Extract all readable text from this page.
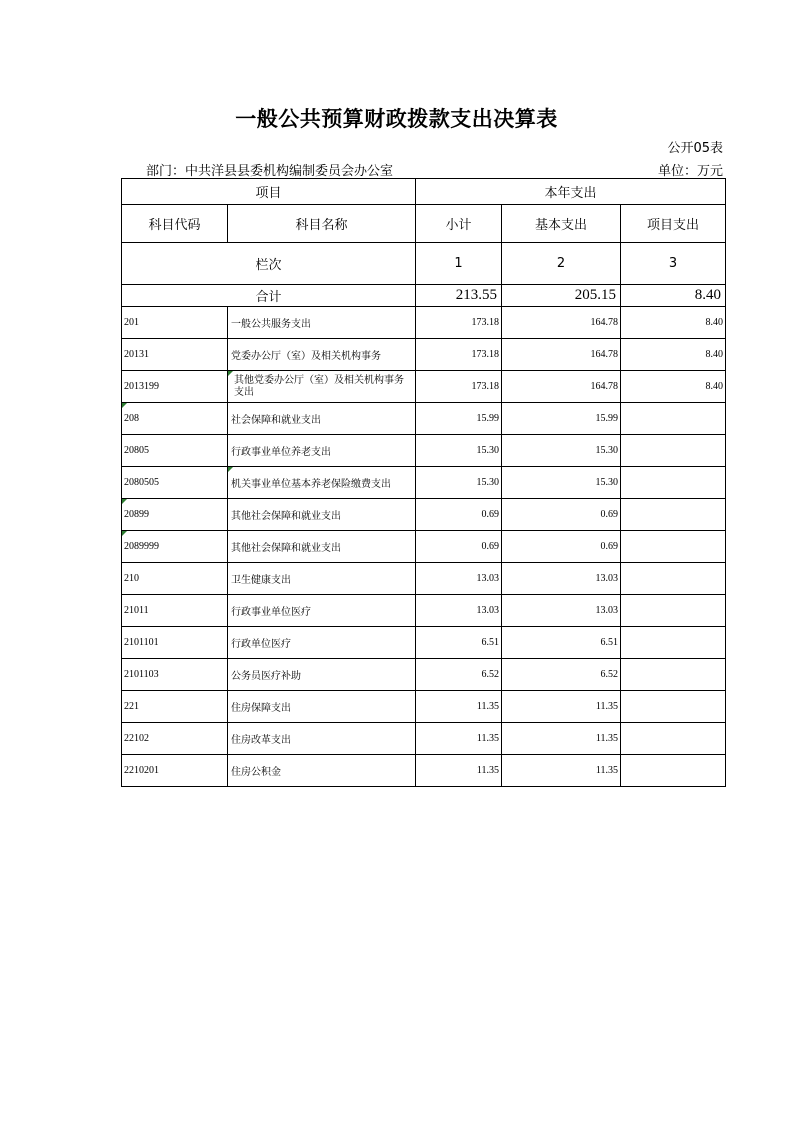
一般公共预算财政拨款支出决算表
公开05表
部门：中共洋县县委机构编制委员会办公室	单位：万元
项目		本年支出		
科目代码	科目名称	小计	基本支出	项目支出
栏次		1	2	3
合计		213.55	205.15	8.40
201	一般公共服务支出	173.18	164.78	8.40
20131	党委办公厅（室）及相关机构事务	173.18	164.78	8.40
2013199	其他党委办公厅（室）及相关机构事务支出	173.18	164.78	8.40
208	社会保障和就业支出	15.99	15.99	
20805	行政事业单位养老支出	15.30	15.30	
2080505	机关事业单位基本养老保险缴费支出	15.30	15.30	
20899	其他社会保障和就业支出	0.69	0.69	
2089999	其他社会保障和就业支出	0.69	0.69	
210	卫生健康支出	13.03	13.03	
21011	行政事业单位医疗	13.03	13.03	
2101101	行政单位医疗	6.51	6.51	
2101103	公务员医疗补助	6.52	6.52	
221	住房保障支出	11.35	11.35	
22102	住房改革支出	11.35	11.35	
2210201	住房公积金	11.35	11.35	
